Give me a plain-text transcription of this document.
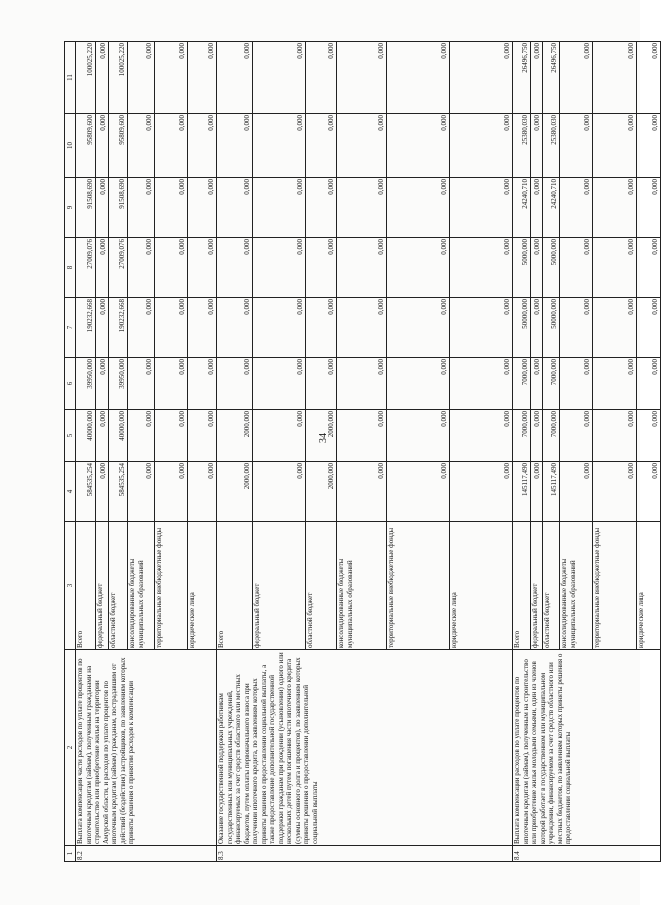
34
1	2	3	4	5	6	7	8	9	10	11
8.2	Выплата компенсации части расходов по уплате процентов по ипотечным кредитам (займам), полученным гражданами на строительство или приобретение жилья на территории Амурской области, и расходов по уплате процентов по ипотечным кредитам (займам) гражданам, пострадавшим от действий (бездействия) застройщиков, по заявлениям которых приняты решения о принятии расходов к компенсации	Всего	584535,254	40000,000	39950,000	190232,668	27009,076	91508,690	95809,600	100025,220
		федеральный бюджет	0,000	0,000	0,000	0,000	0,000	0,000	0,000	0,000
		областной бюджет	584535,254	40000,000	39950,000	190232,668	27009,076	91508,690	95809,600	100025,220
		консолидированные бюджеты муниципальных образований	0,000	0,000	0,000	0,000	0,000	0,000	0,000	0,000
		территориальные внебюджетные фонды	0,000	0,000	0,000	0,000	0,000	0,000	0,000	0,000
		юридические лица	0,000	0,000	0,000	0,000	0,000	0,000	0,000	0,000
8.3	Оказание государственной поддержки работникам государственных или муниципальных учреждений, финансируемых за счет средств областного или местных бюджетов, путем оплаты первоначального взноса при получении ипотечного кредита, по заявлениям которых приняты решения о предоставлении социальной выплаты, а также предоставление дополнительной государственной поддержки гражданам при рождении (усыновлении) одного или нескольких детей путем погашения части ипотечного кредита (суммы основного долга и процентов), по заявлениям которых приняты решения о предоставлении дополнительной социальной выплаты	Всего	2000,000	2000,000	0,000	0,000	0,000	0,000	0,000	0,000
		федеральный бюджет	0,000	0,000	0,000	0,000	0,000	0,000	0,000	0,000
		областной бюджет	2000,000	2000,000	0,000	0,000	0,000	0,000	0,000	0,000
		консолидированные бюджеты муниципальных образований	0,000	0,000	0,000	0,000	0,000	0,000	0,000	0,000
		территориальные внебюджетные фонды	0,000	0,000	0,000	0,000	0,000	0,000	0,000	0,000
		юридические лица	0,000	0,000	0,000	0,000	0,000	0,000	0,000	0,000
8.4	Выплата компенсации расходов по уплате процентов по ипотечным кредитам (займам), полученным на строительство или приобретение жилья молодыми семьями, один из членов которой работает в государственном или муниципальном учреждении, финансируемом за счет средств областного или местных бюджетов, по заявлениям которых приняты решения о предоставлении социальной выплаты	Всего	145117,490	7000,000	7000,000	50000,000	5000,000	24240,710	25380,030	26496,750
		федеральный бюджет	0,000	0,000	0,000	0,000	0,000	0,000	0,000	0,000
		областной бюджет	145117,490	7000,000	7000,000	50000,000	5000,000	24240,710	25380,030	26496,750
		консолидированные бюджеты муниципальных образований	0,000	0,000	0,000	0,000	0,000	0,000	0,000	0,000
		территориальные внебюджетные фонды	0,000	0,000	0,000	0,000	0,000	0,000	0,000	0,000
		юридические лица	0,000	0,000	0,000	0,000	0,000	0,000	0,000	0,000
